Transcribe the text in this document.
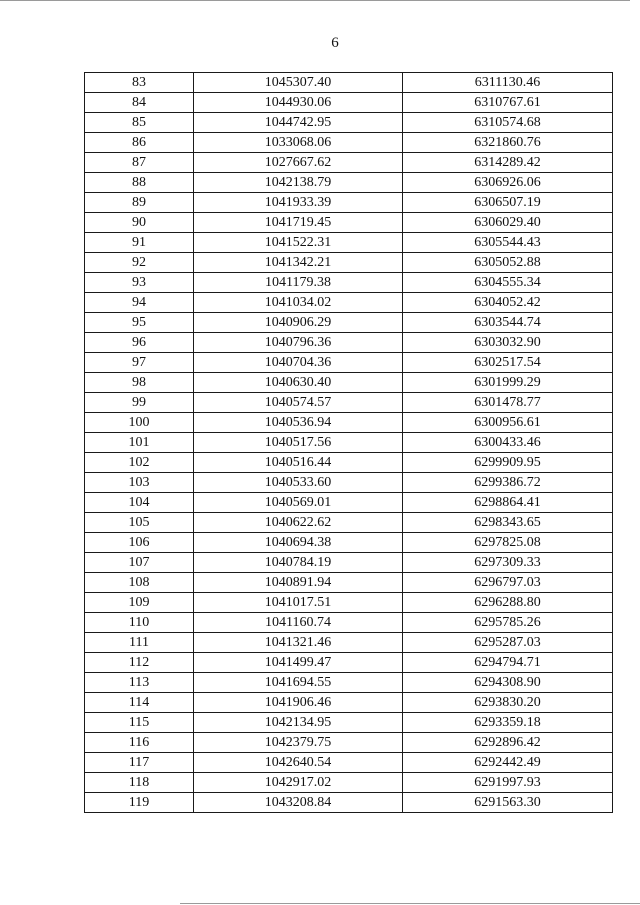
6
83	1045307.40	6311130.46
84	1044930.06	6310767.61
85	1044742.95	6310574.68
86	1033068.06	6321860.76
87	1027667.62	6314289.42
88	1042138.79	6306926.06
89	1041933.39	6306507.19
90	1041719.45	6306029.40
91	1041522.31	6305544.43
92	1041342.21	6305052.88
93	1041179.38	6304555.34
94	1041034.02	6304052.42
95	1040906.29	6303544.74
96	1040796.36	6303032.90
97	1040704.36	6302517.54
98	1040630.40	6301999.29
99	1040574.57	6301478.77
100	1040536.94	6300956.61
101	1040517.56	6300433.46
102	1040516.44	6299909.95
103	1040533.60	6299386.72
104	1040569.01	6298864.41
105	1040622.62	6298343.65
106	1040694.38	6297825.08
107	1040784.19	6297309.33
108	1040891.94	6296797.03
109	1041017.51	6296288.80
110	1041160.74	6295785.26
111	1041321.46	6295287.03
112	1041499.47	6294794.71
113	1041694.55	6294308.90
114	1041906.46	6293830.20
115	1042134.95	6293359.18
116	1042379.75	6292896.42
117	1042640.54	6292442.49
118	1042917.02	6291997.93
119	1043208.84	6291563.30
